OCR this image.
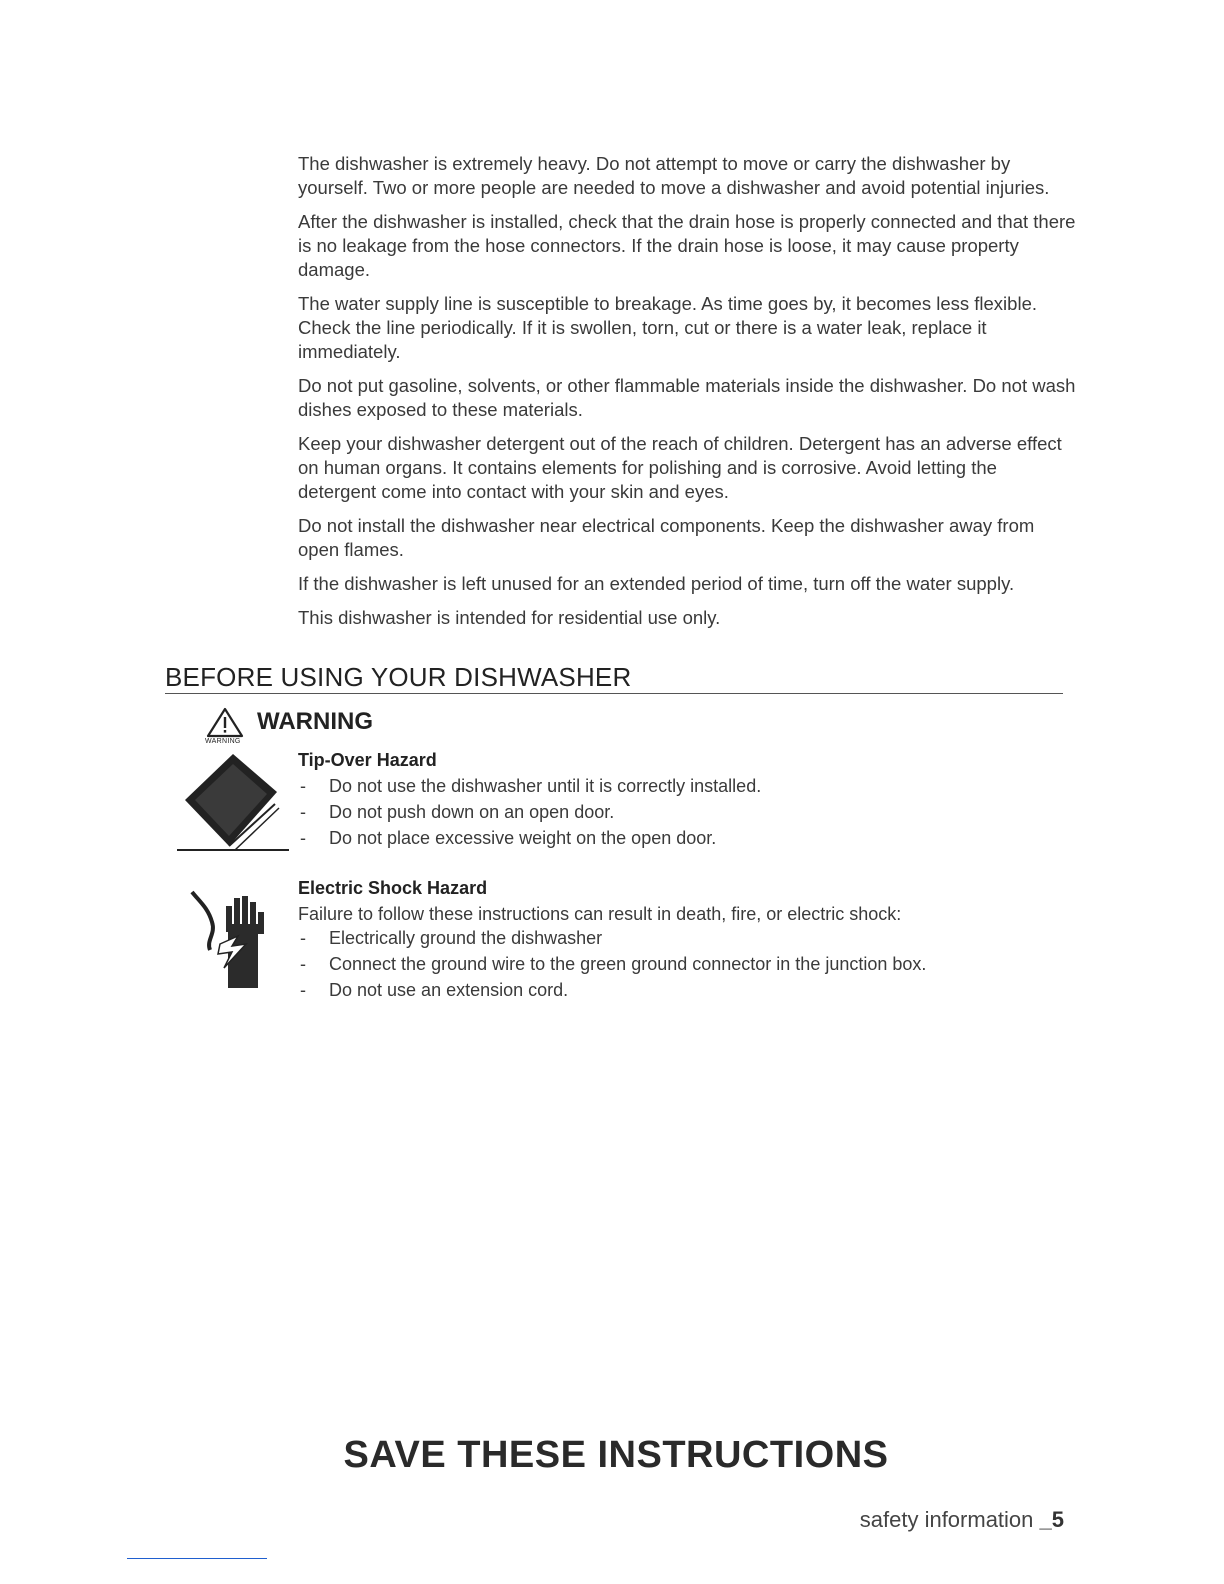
The dishwasher is extremely heavy. Do not attempt to move or carry the dishwasher by yourself. Two or more people are needed to move a dishwasher and avoid potential injuries.

After the dishwasher is installed, check that the drain hose is properly connected and that there is no leakage from the hose connectors. If the drain hose is loose, it may cause property damage.

The water supply line is susceptible to breakage. As time goes by, it becomes less flexible. Check the line periodically. If it is swollen, torn, cut or there is a water leak, replace it immediately.

Do not put gasoline, solvents, or other flammable materials inside the dishwasher. Do not wash dishes exposed to these materials.

Keep your dishwasher detergent out of the reach of children. Detergent has an adverse effect on human organs. It contains elements for polishing and is corrosive. Avoid letting the detergent come into contact with your skin and eyes.

Do not install the dishwasher near electrical components. Keep the dishwasher away from open flames.

If the dishwasher is left unused for an extended period of time, turn off the water supply.

This dishwasher is intended for residential use only.

BEFORE USING YOUR DISHWASHER
WARNING
WARNING
Tip-Over Hazard
- Do not use the dishwasher until it is correctly installed.
- Do not push down on an open door.
- Do not place excessive weight on the open door.
Electric Shock Hazard

Failure to follow these instructions can result in death, fire, or electric shock:

- Electrically ground the dishwasher
- Connect the ground wire to the green ground connector in the junction box.
- Do not use an extension cord.
SAVE THESE INSTRUCTIONS
safety information _5
